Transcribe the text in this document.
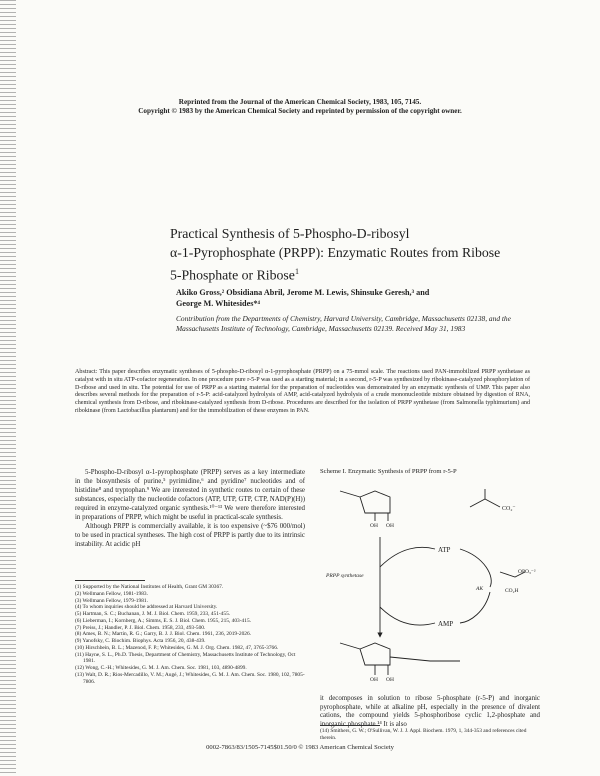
Reprinted from the Journal of the American Chemical Society, 1983, 105, 7145.
Copyright © 1983 by the American Chemical Society and reprinted by permission of the copyright owner.
Practical Synthesis of 5-Phospho-D-ribosyl
α-1-Pyrophosphate (PRPP): Enzymatic Routes from Ribose
5-Phosphate or Ribose$^1$
Akiko Gross,² Obsidiana Abril, Jerome M. Lewis, Shinsuke Geresh,³ and
George M. Whitesides*⁴
Contribution from the Departments of Chemistry, Harvard University, Cambridge, Massachusetts 02138, and the Massachusetts Institute of Technology, Cambridge, Massachusetts 02139. Received May 31, 1983
Abstract: This paper describes enzymatic syntheses of 5-phospho-D-ribosyl α-1-pyrophosphate (PRPP) on a 75-mmol scale. The reactions used PAN-immobilized PRPP synthetase as catalyst with in situ ATP-cofactor regeneration. In one procedure pure r-5-P was used as a starting material; in a second, r-5-P was synthesized by ribokinase-catalyzed phosphorylation of D-ribose and used in situ. The potential for use of PRPP as a starting material for the preparation of nucleotides was demonstrated by an enzymatic synthesis of UMP. This paper also describes several methods for the preparation of r-5-P: acid-catalyzed hydrolysis of AMP, acid-catalyzed hydrolysis of a crude mononucleotide mixture obtained by digestion of RNA, chemical synthesis from D-ribose, and ribokinase-catalyzed synthesis from D-ribose. Procedures are described for the isolation of PRPP synthetase (from Salmonella typhimurium) and ribokinase (from Lactobacillus plantarum) and for the immobilization of these enzymes in PAN.

5-Phospho-D-ribosyl α-1-pyrophosphate (PRPP) serves as a key intermediate in the biosynthesis of purine,⁵ pyrimidine,⁶ and pyridine⁷ nucleotides and of histidine⁸ and tryptophan.⁹ We are interested in synthetic routes to certain of these substances, especially the nucleotide cofactors (ATP, UTP, GTP, CTP, NAD(P)(H)) required in enzyme-catalyzed organic synthesis.¹⁰⁻¹³ We were therefore interested in preparations of PRPP, which might be useful in practical-scale synthesis.

Although PRPP is commercially available, it is too expensive (~$76 000/mol) to be used in practical syntheses. The high cost of PRPP is partly due to its intrinsic instability. At acidic pH

(1) Supported by the National Institutes of Health, Grant GM 30367.
(2) Wellmann Fellow, 1981-1983.
(3) Wellmann Fellow, 1979-1981.
(4) To whom inquiries should be addressed at Harvard University.
(5) Hartman, S. C.; Buchanan, J. M. J. Biol. Chem. 1959, 233, 451-455.
(6) Lieberman, I.; Kornberg, A.; Simms, E. S. J. Biol. Chem. 1955, 215, 403-415.
(7) Preiss, J.; Handler, P. J. Biol. Chem. 1958, 233, 493-500.
(8) Ames, B. N.; Martin, R. G.; Garry, B. J. J. Biol. Chem. 1961, 236, 2019-2026.
(9) Yanofsky, C. Biochim. Biophys. Acta 1956, 20, 438-439.
(10) Hirschbein, B. L.; Mazenod, F. P.; Whitesides, G. M. J. Org. Chem. 1982, 47, 3765-3766.
(11) Hayne, S. L., Ph.D. Thesis, Department of Chemistry, Massachusetts Institute of Technology, Oct 1981.
(12) Wong, C.-H.; Whitesides, G. M. J. Am. Chem. Soc. 1981, 103, 4890-4899.
(13) Walt, D. R.; Rios-Mercadillo, V. M.; Augé, J.; Whitesides, G. M. J. Am. Chem. Soc. 1980, 102, 7805-7806.
Scheme I. Enzymatic Synthesis of PRPP from r-5-P
OH OH
CO₂⁻
PRPP synthetase
ATP
AMP
AK
OPO₃⁻²
CO₂H
OH OH
it decomposes in solution to ribose 5-phosphate (r-5-P) and inorganic pyrophosphate, while at alkaline pH, especially in the presence of divalent cations, the compound yields 5-phosphoribose cyclic 1,2-phosphate and inorganic phosphate.¹⁴ It is also
(14) Smithers, G. W.; O'Sullivan, W. J. J. Appl. Biochem. 1979, 1, 344-353 and references cited therein.
0002-7863/83/1505-7145$01.50/0 © 1983 American Chemical Society
